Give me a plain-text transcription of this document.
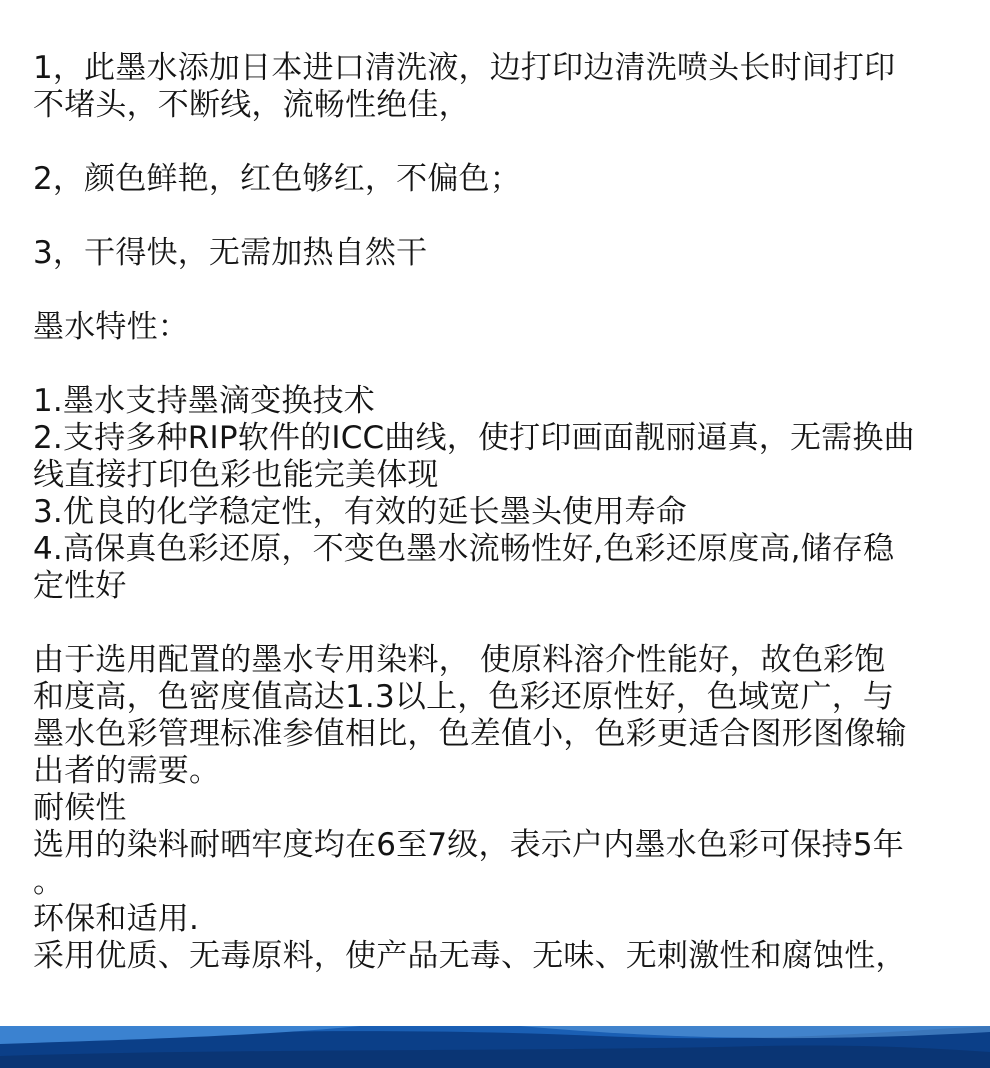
1，此墨水添加日本进口清洗液，边打印边清洗喷头长时间打印
不堵头，不断线，流畅性绝佳，
2，颜色鲜艳，红色够红，不偏色；
3，干得快，无需加热自然干
墨水特性：
1.墨水支持墨滴变换技术
2.支持多种RIP软件的ICC曲线，使打印画面靓丽逼真，无需换曲
线直接打印色彩也能完美体现
3.优良的化学稳定性，有效的延长墨头使用寿命
4.高保真色彩还原，不变色墨水流畅性好,色彩还原度高,储存稳
定性好
由于选用配置的墨水专用染料， 使原料溶介性能好，故色彩饱
和度高，色密度值高达1.3以上，色彩还原性好，色域宽广，与
墨水色彩管理标准参值相比，色差值小，色彩更适合图形图像输
出者的需要。
耐候性
选用的染料耐晒牢度均在6至7级，表示户内墨水色彩可保持5年
。
环保和适用.
采用优质、无毒原料，使产品无毒、无味、无刺激性和腐蚀性，
